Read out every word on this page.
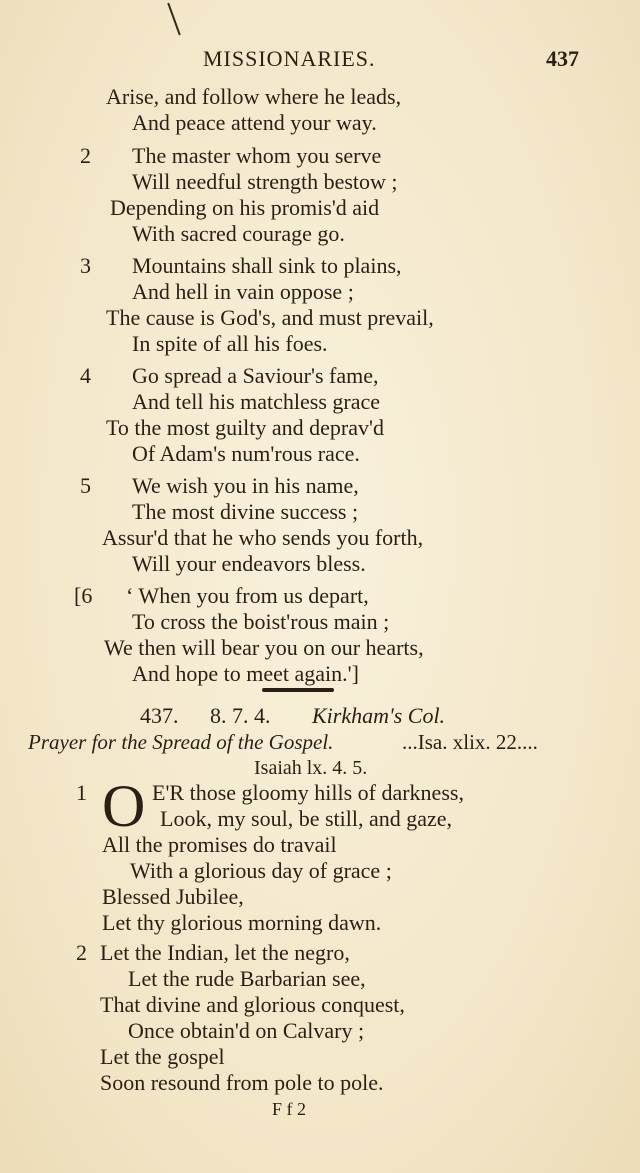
MISSIONARIES.	437
Arise, and follow where he leads,
And peace attend your way.
2 The master whom you serve
Will needful strength bestow ;
Depending on his promis'd aid
With sacred courage go.
3 Mountains shall sink to plains,
And hell in vain oppose ;
The cause is God's, and must prevail,
In spite of all his foes.
4 Go spread a Saviour's fame,
And tell his matchless grace
To the most guilty and deprav'd
Of Adam's num'rous race.
5 We wish you in his name,
The most divine success ;
Assur'd that he who sends you forth,
Will your endeavors bless.
[6 ‘ When you from us depart,
To cross the boist'rous main ;
We then will bear you on our hearts,
And hope to meet again.']
437. 8. 7. 4. Kirkham's Col.
Prayer for the Spread of the Gospel.	...Isa. xlix. 22....
Isaiah lx. 4. 5.
1 O E'R those gloomy hills of darkness,
Look, my soul, be still, and gaze,
All the promises do travail
With a glorious day of grace ;
Blessed Jubilee,
Let thy glorious morning dawn.
2 Let the Indian, let the negro,
Let the rude Barbarian see,
That divine and glorious conquest,
Once obtain'd on Calvary ;
Let the gospel
Soon resound from pole to pole.
F f 2
